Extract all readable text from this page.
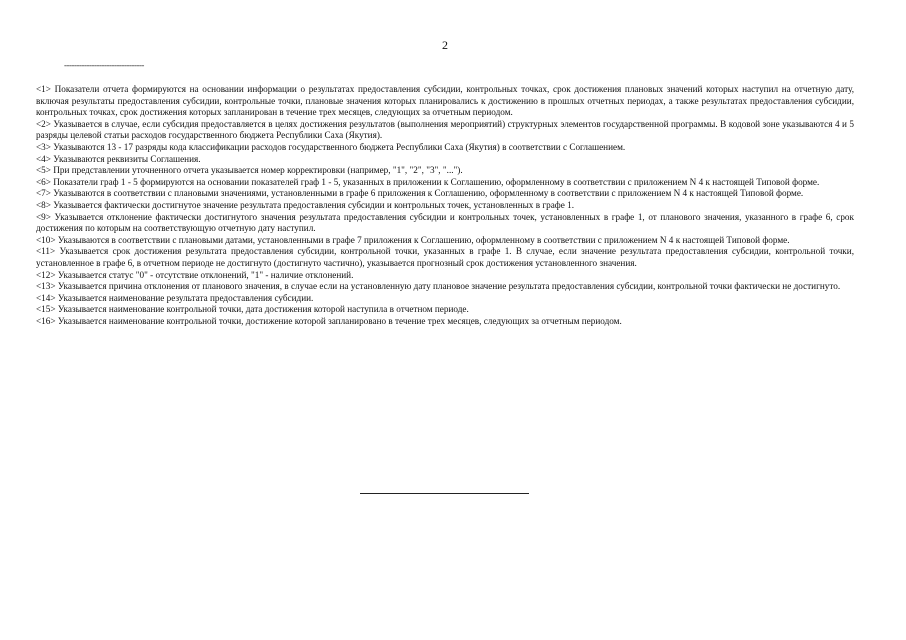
2
--------------------------------

<1> Показатели отчета формируются на основании информации о результатах предоставления субсидии, контрольных точках, срок достижения плановых значений которых наступил на отчетную дату, включая результаты предоставления субсидии, контрольные точки, плановые значения которых планировались к достижению в прошлых отчетных периодах, а также результатах предоставления субсидии, контрольных точках, срок достижения которых запланирован в течение трех месяцев, следующих за отчетным периодом.

<2> Указывается в случае, если субсидия предоставляется в целях достижения результатов (выполнения мероприятий) структурных элементов государственной программы. В кодовой зоне указываются 4 и 5 разряды целевой статьи расходов государственного бюджета Республики Саха (Якутия).

<3> Указываются 13 - 17 разряды кода классификации расходов государственного бюджета Республики Саха (Якутия) в соответствии с Соглашением.

<4> Указываются реквизиты Соглашения.

<5> При представлении уточненного отчета указывается номер корректировки (например, "1", "2", "3", "...").

<6> Показатели граф 1 - 5 формируются на основании показателей граф 1 - 5, указанных в приложении к Соглашению, оформленному в соответствии с приложением N 4 к настоящей Типовой форме.

<7> Указываются в соответствии с плановыми значениями, установленными в графе 6 приложения к Соглашению, оформленному в соответствии с приложением N 4 к настоящей Типовой форме.

<8> Указывается фактически достигнутое значение результата предоставления субсидии и контрольных точек, установленных в графе 1.

<9> Указывается отклонение фактически достигнутого значения результата предоставления субсидии и контрольных точек, установленных в графе 1, от планового значения, указанного в графе 6, срок достижения по которым на соответствующую отчетную дату наступил.

<10> Указываются в соответствии с плановыми датами, установленными в графе 7 приложения к Соглашению, оформленному в соответствии с приложением N 4 к настоящей Типовой форме.

<11> Указывается срок достижения результата предоставления субсидии, контрольной точки, указанных в графе 1. В случае, если значение результата предоставления субсидии, контрольной точки, установленное в графе 6, в отчетном периоде не достигнуто (достигнуто частично), указывается прогнозный срок достижения установленного значения.

<12> Указывается статус "0" - отсутствие отклонений, "1" - наличие отклонений.

<13> Указывается причина отклонения от планового значения, в случае если на установленную дату плановое значение результата предоставления субсидии, контрольной точки фактически не достигнуто.

<14> Указывается наименование результата предоставления субсидии.

<15> Указывается наименование контрольной точки, дата достижения которой наступила в отчетном периоде.

<16> Указывается наименование контрольной точки, достижение которой запланировано в течение трех месяцев, следующих за отчетным периодом.
